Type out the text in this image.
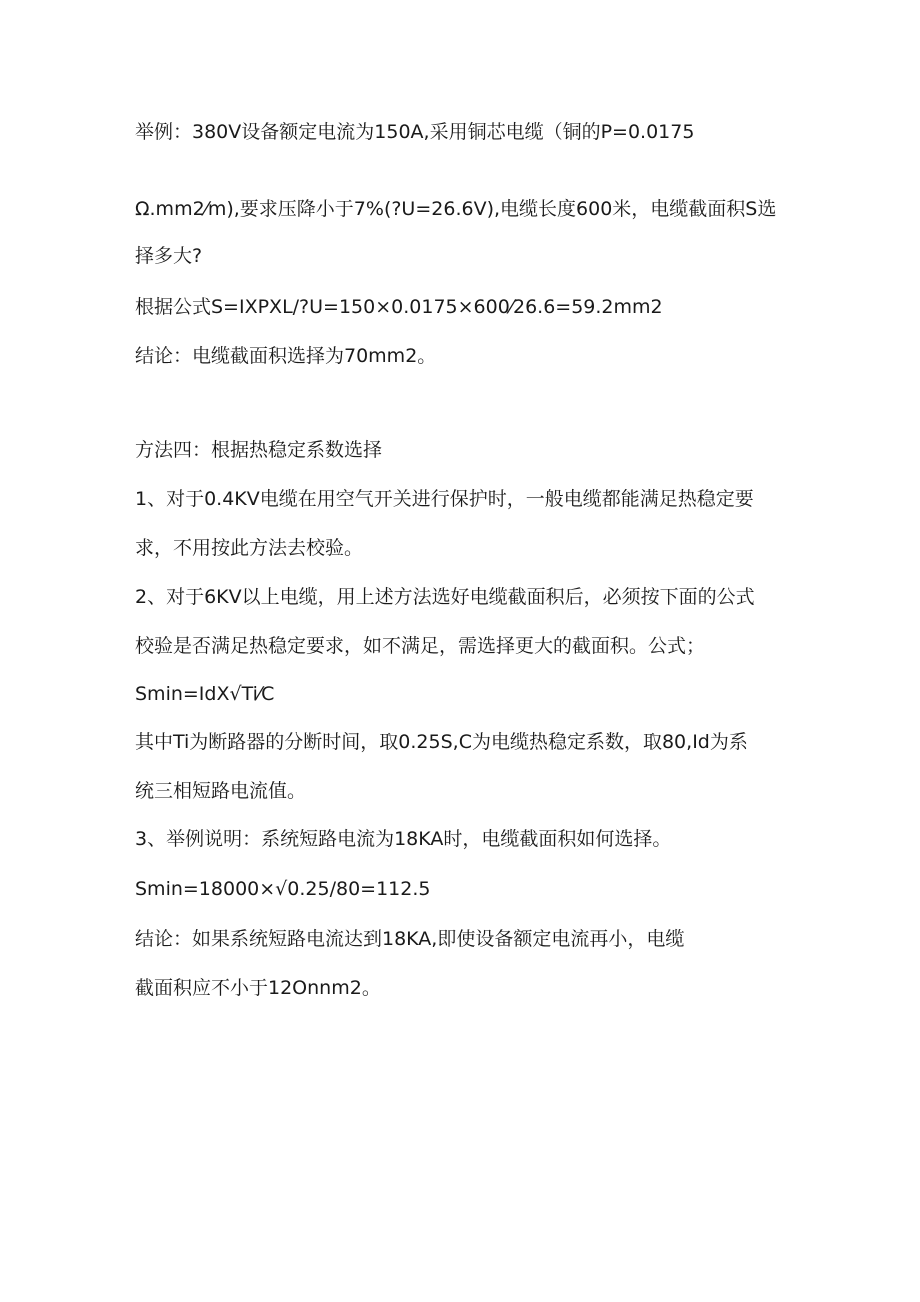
举例：380V设备额定电流为150A,采用铜芯电缆（铜的P=0.0175

Ω.mm2⁄m),要求压降小于7%(?U=26.6V),电缆长度600米，电缆截面积S选

择多大?

根据公式S=IXPXL/?U=150×0.0175×600⁄26.6=59.2mm2

结论：电缆截面积选择为70mm2。

方法四：根据热稳定系数选择

1、对于0.4KV电缆在用空气开关进行保护时，一般电缆都能满足热稳定要

求，不用按此方法去校验。

2、对于6KV以上电缆，用上述方法选好电缆截面积后，必须按下面的公式

校验是否满足热稳定要求，如不满足，需选择更大的截面积。公式；

Smin=IdX√Ti⁄C

其中Ti为断路器的分断时间，取0.25S,C为电缆热稳定系数，取80,Id为系

统三相短路电流值。

3、举例说明：系统短路电流为18KA时，电缆截面积如何选择。

Smin=18000×√0.25/80=112.5

结论：如果系统短路电流达到18KA,即使设备额定电流再小，电缆

截面积应不小于12Onnm2。
